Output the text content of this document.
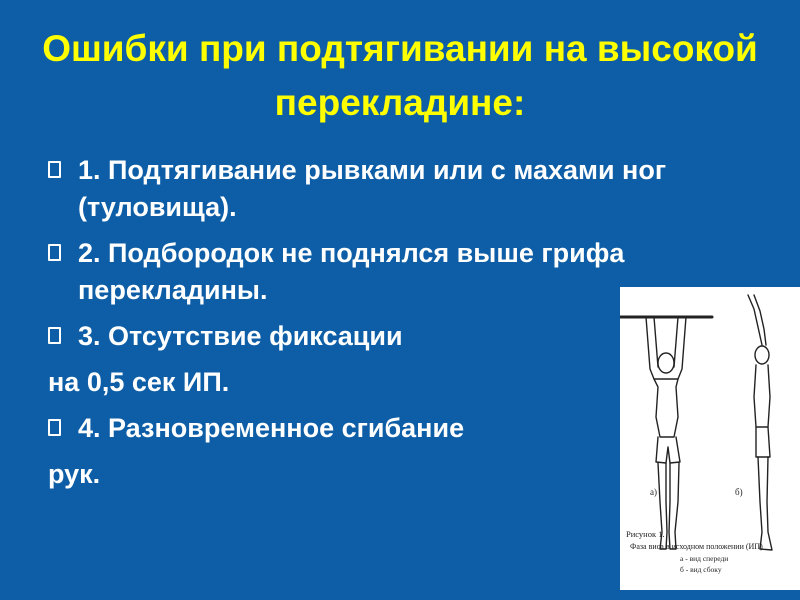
Ошибки при подтягивании на высокой перекладине:
1. Подтягивание рывками или с махами ног (туловища).
2. Подбородок не поднялся выше грифа перекладины.
3. Отсутствие фиксации
на 0,5 сек ИП.
4. Разновременное сгибание
рук.
а)	б)
Рисунок 1.
Фаза виса в исходном положении (ИП)
а - вид спереди
б - вид сбоку
